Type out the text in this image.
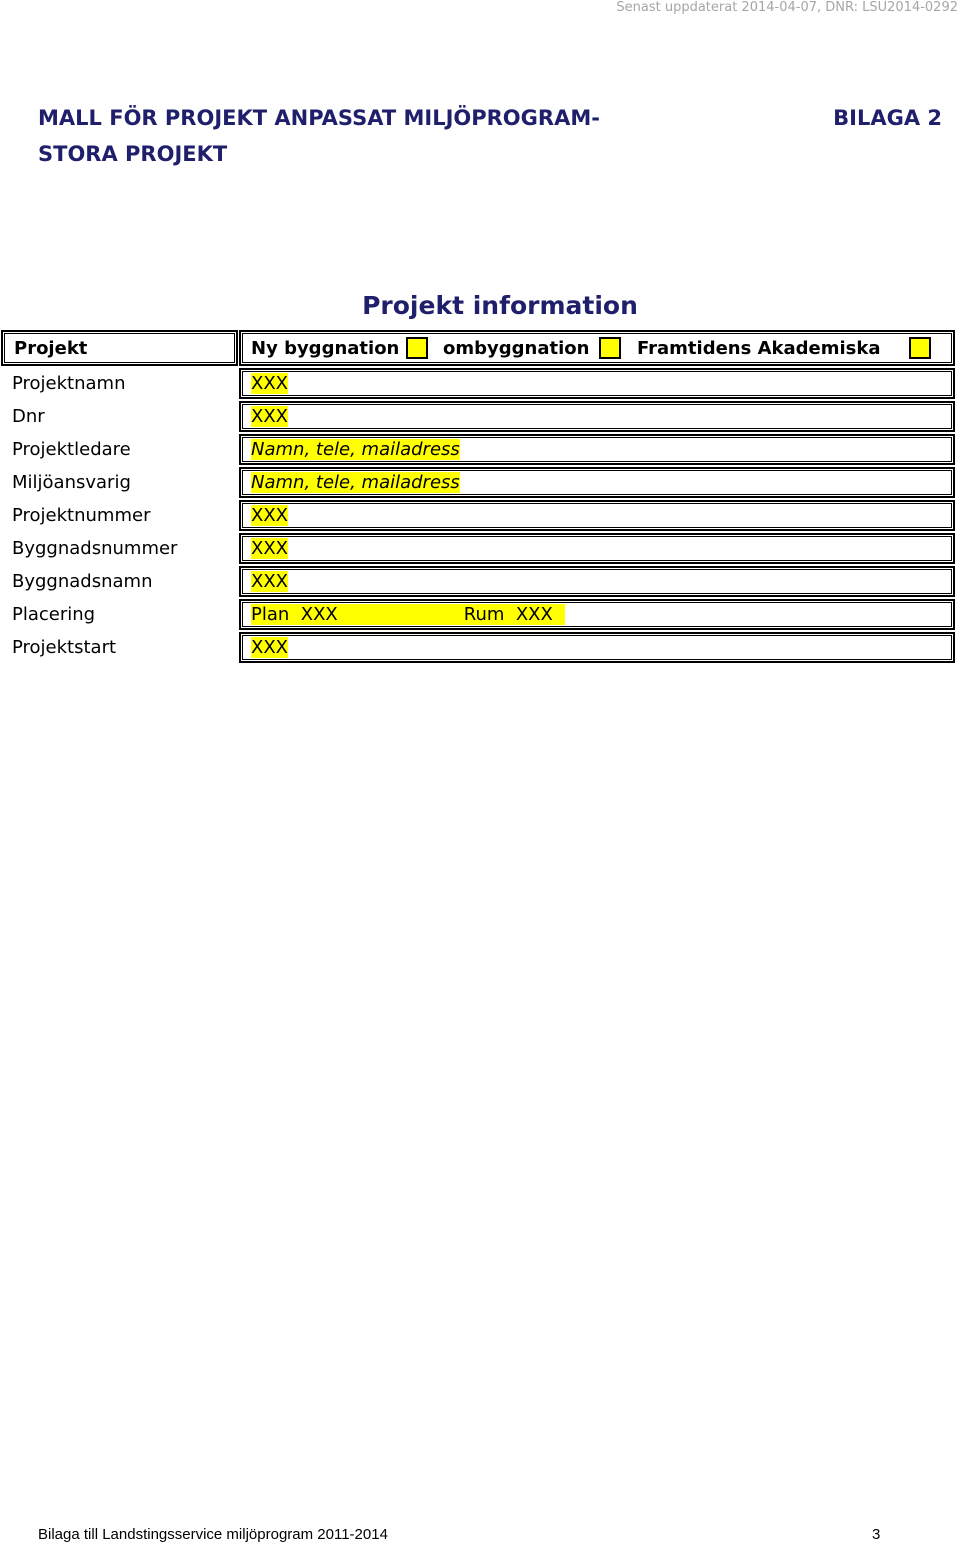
Senast uppdaterat 2014-04-07, DNR: LSU2014-0292
MALL FÖR PROJEKT ANPASSAT MILJÖPROGRAM-
STORA PROJEKT
BILAGA 2
Projekt information
Projekt	Ny byggnation ombyggnation	Framtidens Akademiska
Projektnamn	XXX
Dnr	XXX
Projektledare	Namn, tele, mailadress
Miljöansvarig	Namn, tele, mailadress
Projektnummer	XXX
Byggnadsnummer	XXX
Byggnadsnamn	XXX
Placering	Plan XXX	Rum XXX
Projektstart	XXX
Bilaga till Landstingsservice miljöprogram 2011-2014	3
